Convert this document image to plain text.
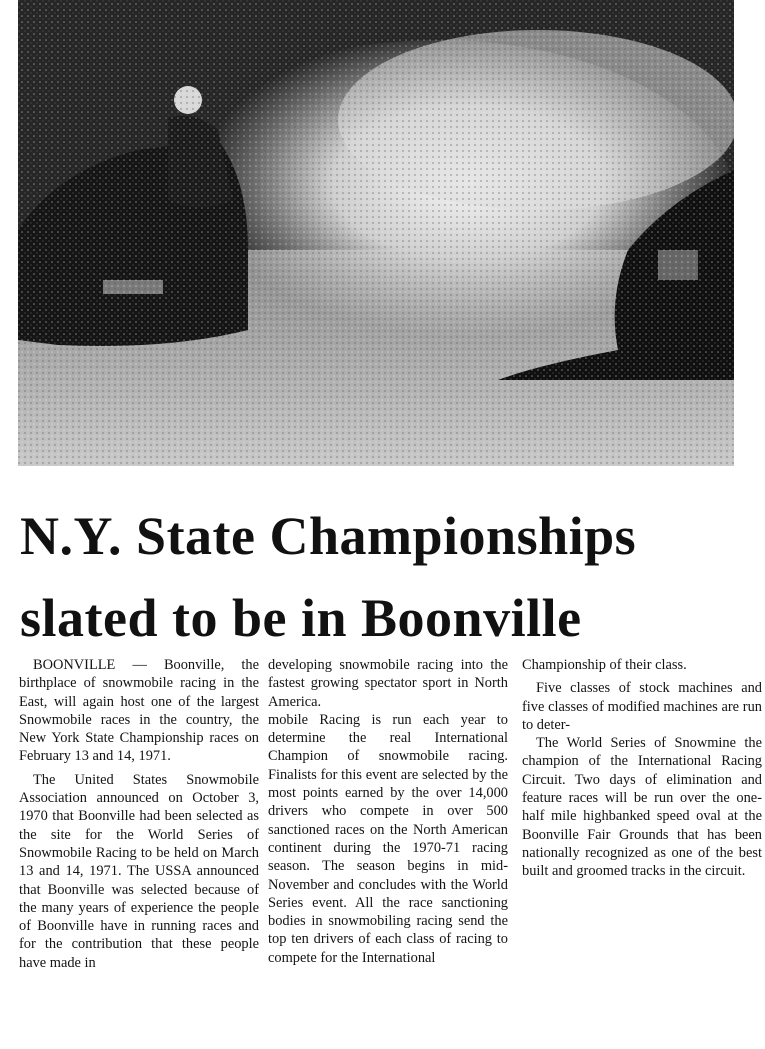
N.Y. State Championships
slated to be in Boonville

BOONVILLE — Boonville, the birthplace of snowmobile racing in the East, will again host one of the largest Snowmobile races in the country, the New York State Championship races on February 13 and 14, 1971.

The United States Snowmobile Association announced on October 3, 1970 that Boonville had been selected as the site for the World Series of Snowmobile Racing to be held on March 13 and 14, 1971. The USSA announced that Boonville was selected because of the many years of experience the people of Boonville have in running races and for the contribution that these people have made in

developing snowmobile racing into the fastest growing spectator sport in North America.

mobile Racing is run each year to determine the real International Champion of snowmobile racing. Finalists for this event are selected by the most points earned by the over 14,000 drivers who compete in over 500 sanctioned races on the North American continent during the 1970-71 racing season. The season begins in mid-November and concludes with the World Series event. All the race sanctioning bodies in snowmobiling racing send the top ten drivers of each class of racing to compete for the International

Championship of their class.

Five classes of stock machines and five classes of modified machines are run to deter-

The World Series of Snowmine the champion of the International Racing Circuit. Two days of elimination and feature races will be run over the one-half mile highbanked speed oval at the Boonville Fair Grounds that has been nationally recognized as one of the best built and groomed tracks in the circuit.
